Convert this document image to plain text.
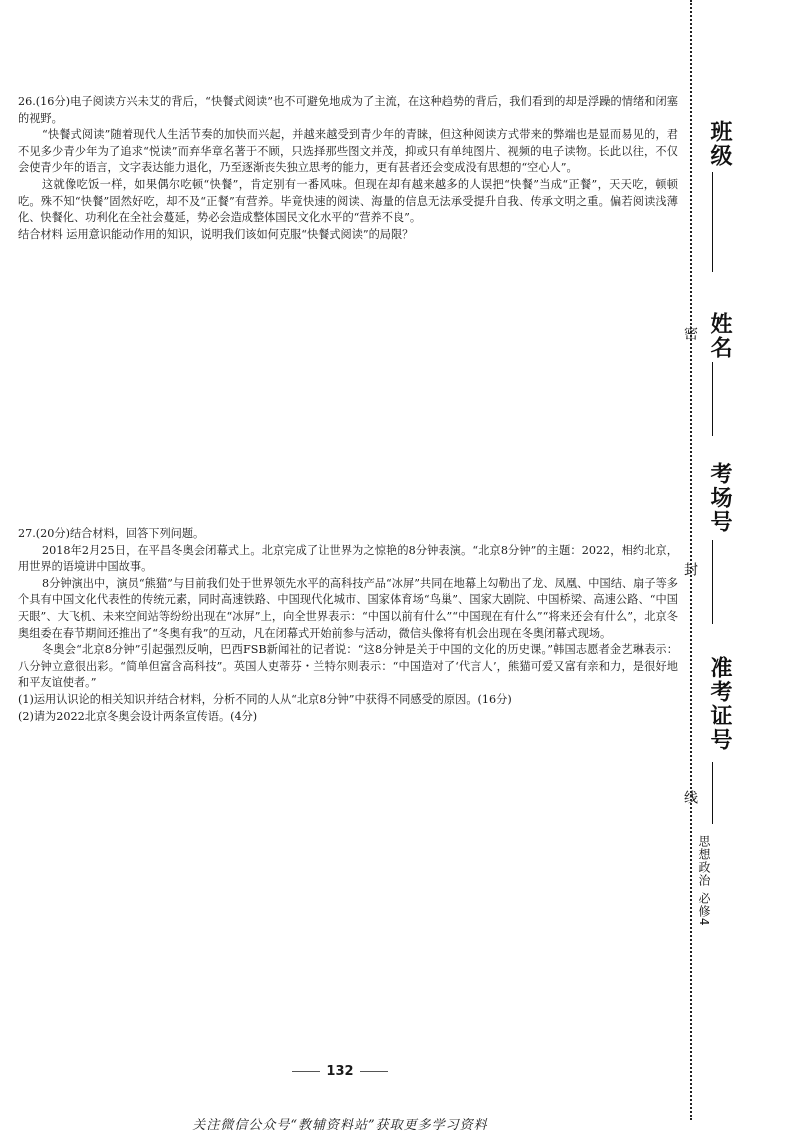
26.(16分)电子阅读方兴未艾的背后，“快餐式阅读”也不可避免地成为了主流，在这种趋势的背后，我们看到的却是浮躁的情绪和闭塞的视野。

“快餐式阅读”随着现代人生活节奏的加快而兴起，并越来越受到青少年的青睐，但这种阅读方式带来的弊端也是显而易见的，君不见多少青少年为了追求“悦读”而弃华章名著于不顾，只选择那些图文并茂，抑或只有单纯图片、视频的电子读物。长此以往，不仅会使青少年的语言，文字表达能力退化，乃至逐渐丧失独立思考的能力，更有甚者还会变成没有思想的“空心人”。

这就像吃饭一样，如果偶尔吃顿“快餐”，肯定别有一番风味。但现在却有越来越多的人误把“快餐”当成“正餐”，天天吃，顿顿吃。殊不知“快餐”固然好吃，却不及“正餐”有营养。毕竟快速的阅读、海量的信息无法承受提升自我、传承文明之重。偏若阅读浅薄化、快餐化、功利化在全社会蔓延，势必会造成整体国民文化水平的“营养不良”。

结合材料 运用意识能动作用的知识，说明我们该如何克服“快餐式阅读”的局限？

27.(20分)结合材料，回答下列问题。

2018年2月25日，在平昌冬奥会闭幕式上。北京完成了让世界为之惊艳的8分钟表演。“北京8分钟”的主题：2022，相约北京，用世界的语境讲中国故事。

8分钟演出中，演员“熊猫”与目前我们处于世界领先水平的高科技产品“冰屏”共同在地幕上勾勒出了龙、凤凰、中国结、扇子等多个具有中国文化代表性的传统元素，同时高速铁路、中国现代化城市、国家体育场“鸟巢”、国家大剧院、中国桥梁、高速公路、“中国天眼”、大飞机、未来空间站等纷纷出现在“冰屏”上，向全世界表示：“中国以前有什么”“中国现在有什么”“将来还会有什么”，北京冬奥组委在春节期间还推出了“冬奥有我”的互动，凡在闭幕式开始前参与活动，微信头像将有机会出现在冬奥闭幕式现场。

冬奥会“北京8分钟”引起强烈反响，巴西FSB新闻社的记者说：“这8分钟是关于中国的文化的历史课。”韩国志愿者金艺琳表示：八分钟立意很出彩。“简单但富含高科技”。英国人吏蒂芬・兰特尔则表示：“中国造对了‘代言人’，熊猫可爱又富有亲和力，是很好地和平友谊使者。”

(1)运用认识论的相关知识并结合材料，分析不同的人从“北京8分钟”中获得不同感受的原因。(16分)

(2)请为2022北京冬奥会设计两条宣传语。(4分)

班级
姓名
考场号
准考证号
密
封
线
思想政治 必修4
132
关注微信公众号“教辅资料站”获取更多学习资料
